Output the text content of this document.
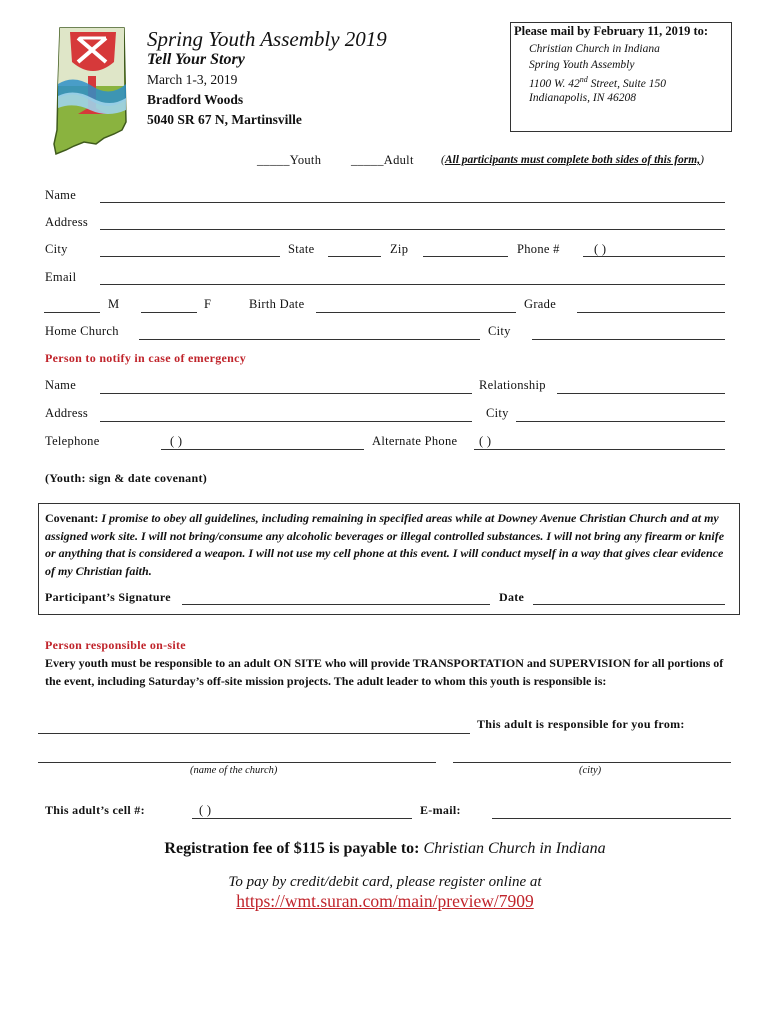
Spring Youth Assembly 2019
Tell Your Story
March 1-3, 2019
Bradford Woods
5040 SR 67 N, Martinsville
Please mail by February 11, 2019 to:
Christian Church in Indiana
Spring Youth Assembly
1100 W. 42nd Street, Suite 150
Indianapolis, IN 46208
_____Youth _____Adult (All participants must complete both sides of this form,)
Name
Address
City	State	Zip	Phone #	( )
Email
M	F	Birth Date	Grade
Home Church	City
Person to notify in case of emergency
Name	Relationship
Address	City
Telephone	( )	Alternate Phone ( )
(Youth: sign & date covenant)
Covenant: I promise to obey all guidelines, including remaining in specified areas while at Downey Avenue Christian Church and at my assigned work site. I will not bring/consume any alcoholic beverages or illegal controlled substances. I will not bring any firearm or knife or anything that is considered a weapon. I will not use my cell phone at this event. I will conduct myself in a way that gives clear evidence of my Christian faith.
Participant’s Signature	Date
Person responsible on-site
Every youth must be responsible to an adult ON SITE who will provide TRANSPORTATION and SUPERVISION for all portions of the event, including Saturday’s off-site mission projects. The adult leader to whom this youth is responsible is:
This adult is responsible for you from:
(name of the church)	(city)
This adult’s cell #:	( )	E-mail:
Registration fee of $115 is payable to: Christian Church in Indiana
To pay by credit/debit card, please register online at
https://wmt.suran.com/main/preview/7909
